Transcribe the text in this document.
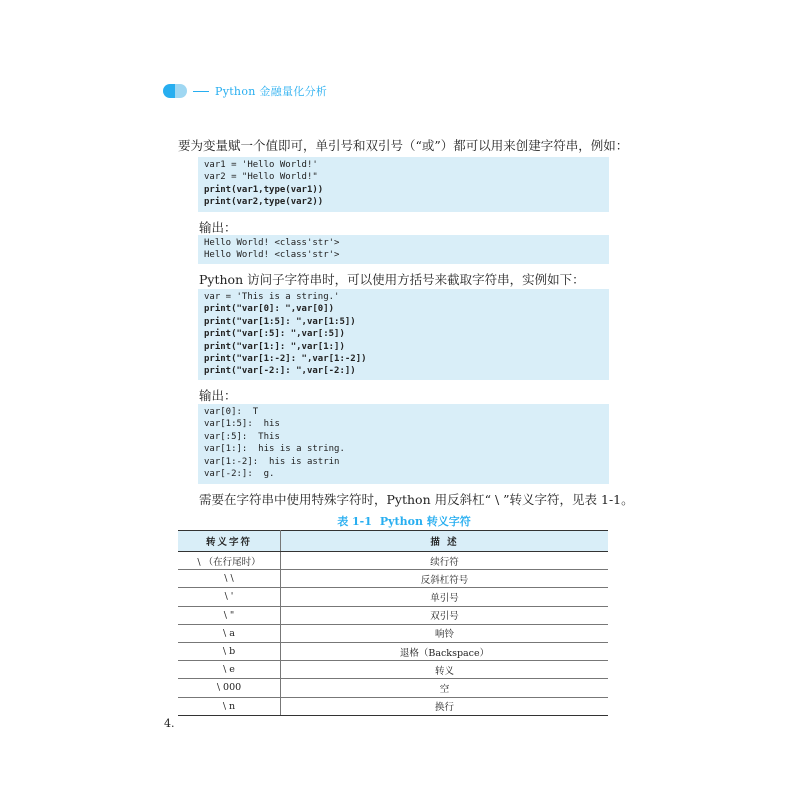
Python 金融量化分析
要为变量赋一个值即可，单引号和双引号（“或”）都可以用来创建字符串，例如：
var1 = 'Hello World!'
var2 = "Hello World!"
print(var1,type(var1))
print(var2,type(var2))
输出：
Hello World! <class'str'>
Hello World! <class'str'>
Python 访问子字符串时，可以使用方括号来截取字符串，实例如下：
var = 'This is a string.'
print("var[0]: ",var[0])
print("var[1:5]: ",var[1:5])
print("var[:5]: ",var[:5])
print("var[1:]: ",var[1:])
print("var[1:-2]: ",var[1:-2])
print("var[-2:]: ",var[-2:])
输出：
var[0]:  T
var[1:5]:  his
var[:5]:  This
var[1:]:  his is a string.
var[1:-2]:  his is astrin
var[-2:]:  g.
需要在字符串中使用特殊字符时，Python 用反斜杠“ \ ”转义字符，见表 1-1。
表 1-1 Python 转义字符
转义字符	描 述
\ （在行尾时）	续行符
\ \	反斜杠符号
\ '	单引号
\ "	双引号
\ a	响铃
\ b	退格（Backspace）
\ e	转义
\ 000	空
\ n	换行
4.
